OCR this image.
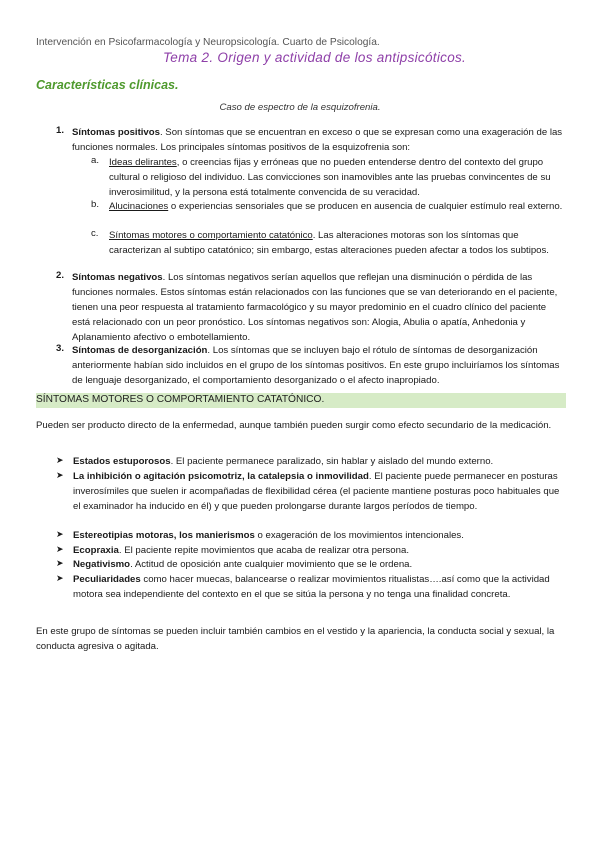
Intervención en Psicofarmacología y Neuropsicología. Cuarto de Psicología.
Tema 2. Origen y actividad de los antipsicóticos.
Características clínicas.
Caso de espectro de la esquizofrenia.
1. Síntomas positivos. Son síntomas que se encuentran en exceso o que se expresan como una exageración de las funciones normales. Los principales síntomas positivos de la esquizofrenia son:
a. Ideas delirantes, o creencias fijas y erróneas que no pueden entenderse dentro del contexto del grupo cultural o religioso del individuo. Las convicciones son inamovibles ante las pruebas convincentes de su inverosimilitud, y la persona está totalmente convencida de su veracidad.
b. Alucinaciones o experiencias sensoriales que se producen en ausencia de cualquier estímulo real externo.
c. Síntomas motores o comportamiento catatónico. Las alteraciones motoras son los síntomas que caracterizan al subtipo catatónico; sin embargo, estas alteraciones pueden afectar a todos los subtipos.
2. Síntomas negativos. Los síntomas negativos serían aquellos que reflejan una disminución o pérdida de las funciones normales. Estos síntomas están relacionados con las funciones que se van deteriorando en el paciente, tienen una peor respuesta al tratamiento farmacológico y su mayor predominio en el cuadro clínico del paciente está relacionado con un peor pronóstico. Los síntomas negativos son: Alogia, Abulia o apatía, Anhedonia y Aplanamiento afectivo o embotellamiento.
3. Síntomas de desorganización. Los síntomas que se incluyen bajo el rótulo de síntomas de desorganización anteriormente habían sido incluidos en el grupo de los síntomas positivos. En este grupo incluiríamos los síntomas de lenguaje desorganizado, el comportamiento desorganizado o el afecto inapropiado.
SÍNTOMAS MOTORES O COMPORTAMIENTO CATATÓNICO.
Pueden ser producto directo de la enfermedad, aunque también pueden surgir como efecto secundario de la medicación.
➤ Estados estuporosos. El paciente permanece paralizado, sin hablar y aislado del mundo externo.
➤ La inhibición o agitación psicomotriz, la catalepsia o inmovilidad. El paciente puede permanecer en posturas inverosímiles que suelen ir acompañadas de flexibilidad cérea (el paciente mantiene posturas poco habituales que el examinador ha inducido en él) y que pueden prolongarse durante largos períodos de tiempo.
➤ Estereotipias motoras, los manierismos o exageración de los movimientos intencionales.
➤ Ecopraxia. El paciente repite movimientos que acaba de realizar otra persona.
➤ Negativismo. Actitud de oposición ante cualquier movimiento que se le ordena.
➤ Peculiaridades como hacer muecas, balancearse o realizar movimientos ritualistas….así como que la actividad motora sea independiente del contexto en el que se sitúa la persona y no tenga una finalidad concreta.
En este grupo de síntomas se pueden incluir también cambios en el vestido y la apariencia, la conducta social y sexual, la conducta agresiva o agitada.
